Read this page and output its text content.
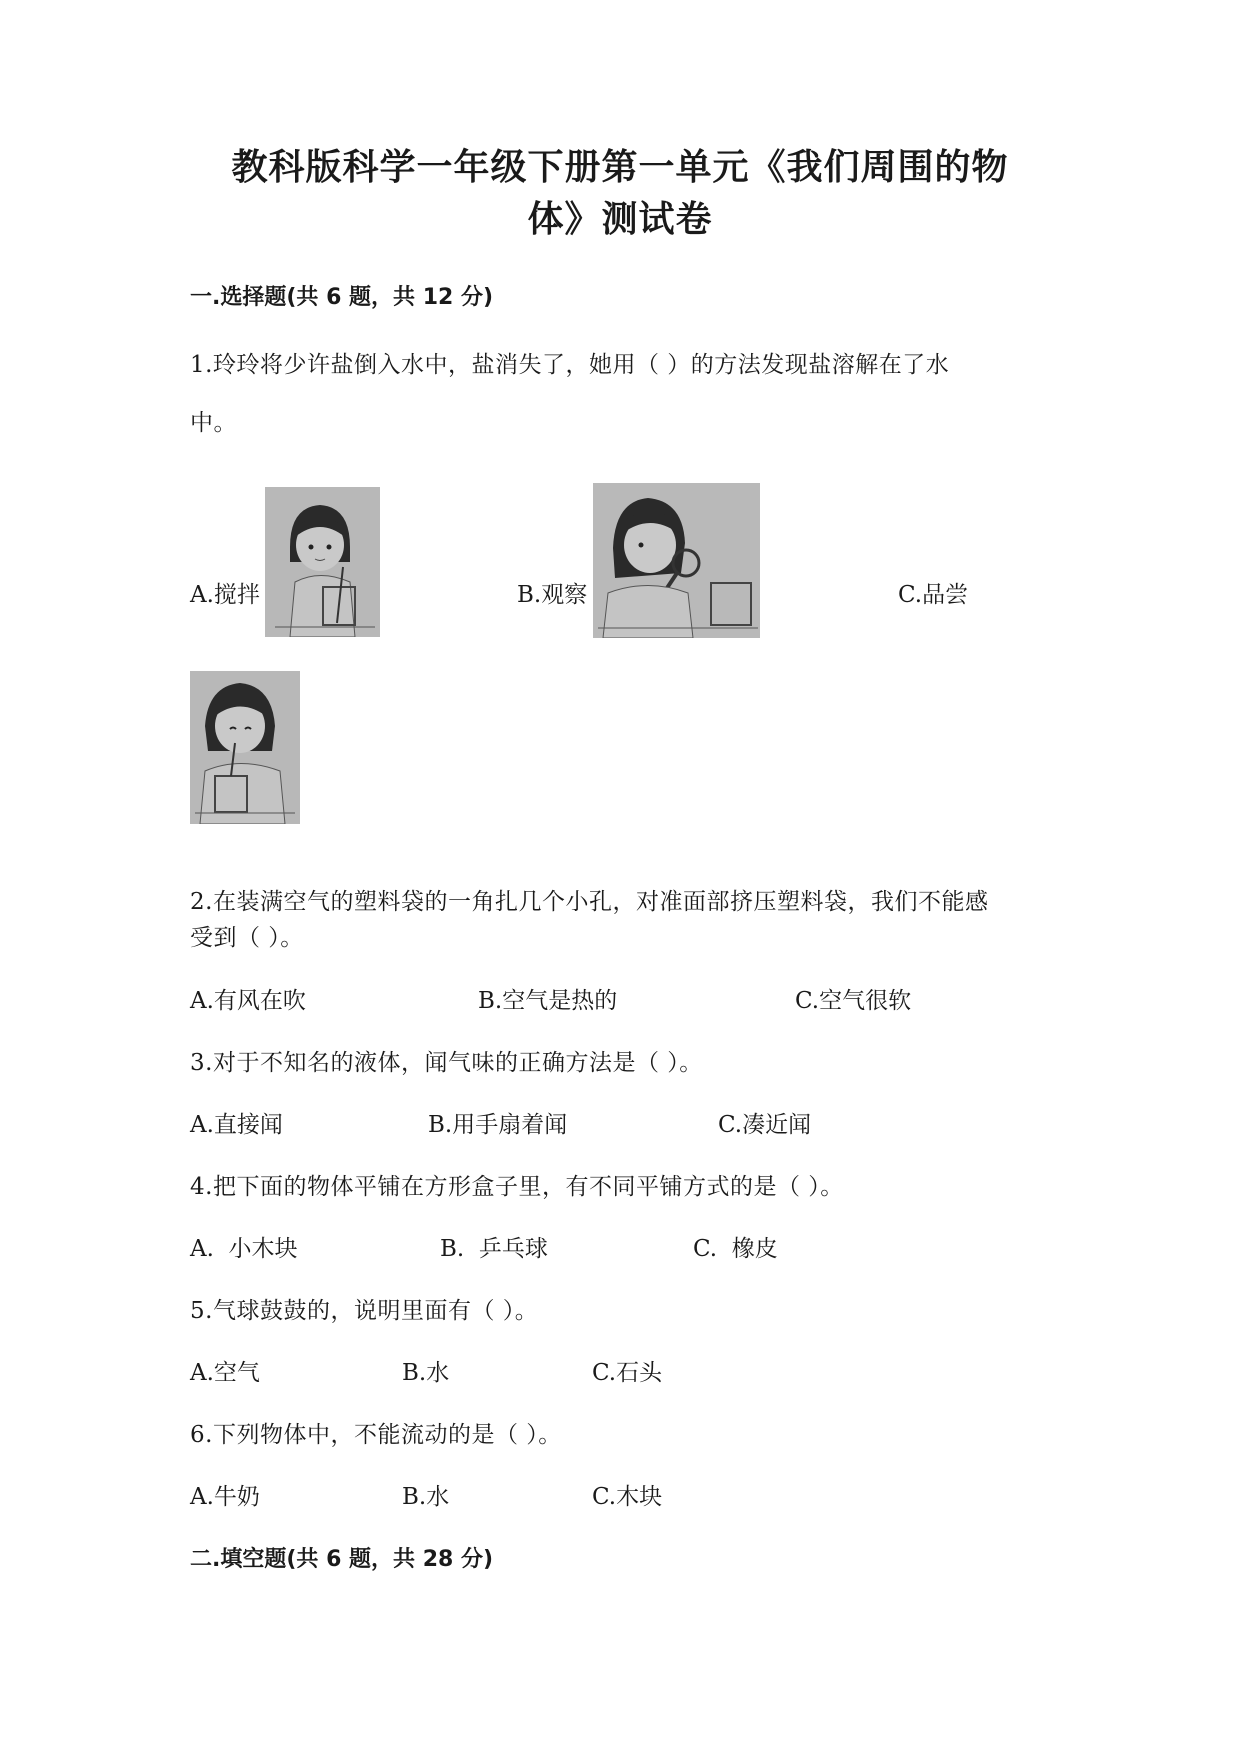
教科版科学一年级下册第一单元《我们周围的物
体》测试卷
一.选择题(共 6 题，共 12 分)
1.玲玲将少许盐倒入水中，盐消失了，她用（ ）的方法发现盐溶解在了水
中。
A.搅拌	B.观察	C.品尝
2.在装满空气的塑料袋的一角扎几个小孔，对准面部挤压塑料袋，我们不能感
受到（ ）。
A.有风在吹	B.空气是热的	C.空气很软
3.对于不知名的液体，闻气味的正确方法是（ ）。
A.直接闻	B.用手扇着闻	C.凑近闻
4.把下面的物体平铺在方形盒子里，有不同平铺方式的是（ ）。
A.  小木块	B.  乒乓球	C.  橡皮
5.气球鼓鼓的，说明里面有（ ）。
A.空气	B.水	C.石头
6.下列物体中，不能流动的是（ ）。
A.牛奶	B.水	C.木块
二.填空题(共 6 题，共 28 分)
